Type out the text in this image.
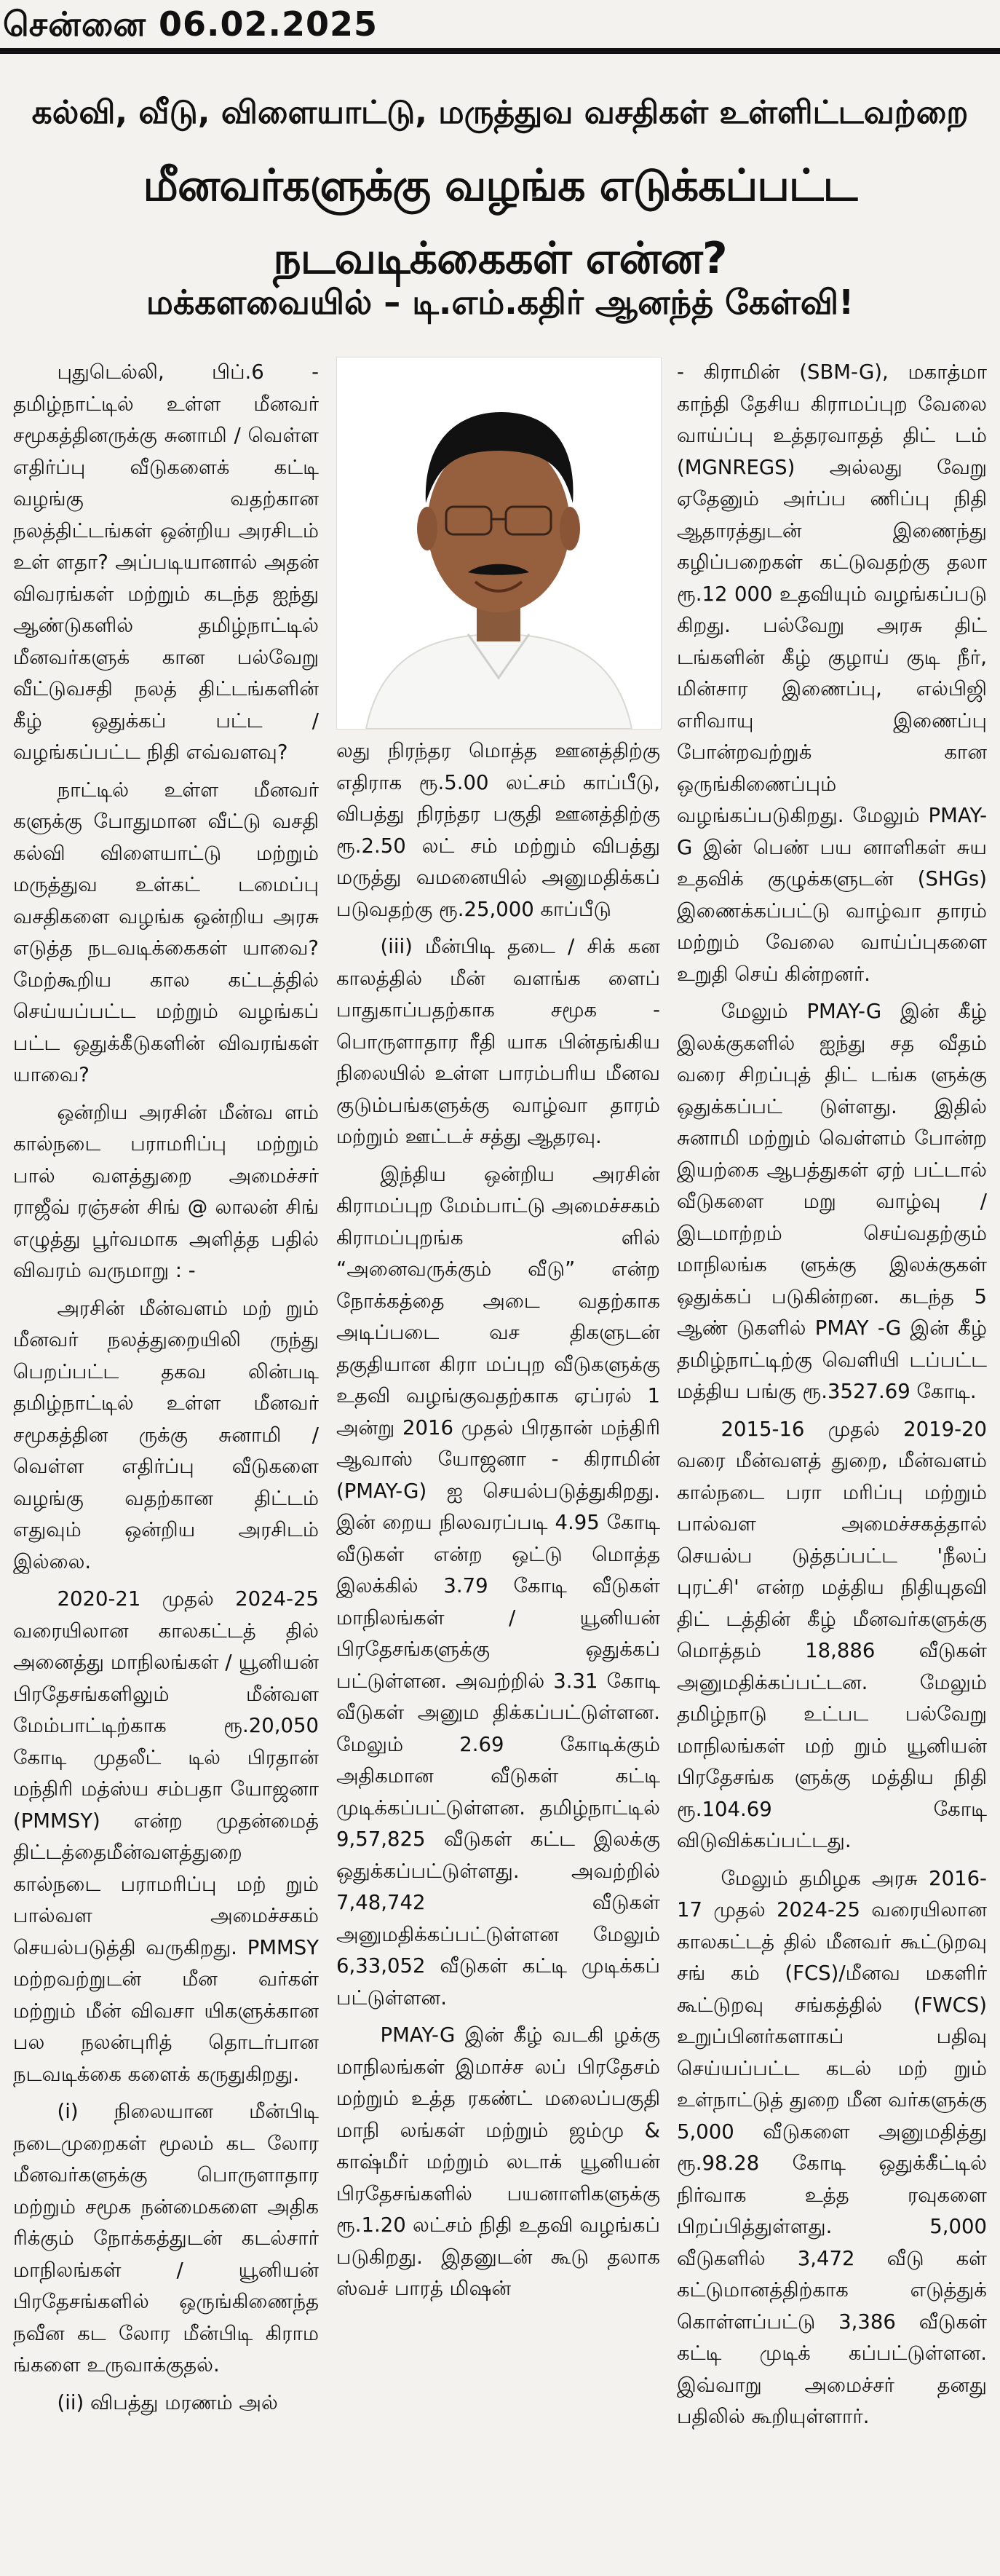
சென்னை 06.02.2025
கல்வி, வீடு, விளையாட்டு, மருத்துவ வசதிகள் உள்ளிட்டவற்றை
மீனவர்களுக்கு வழங்க எடுக்கப்பட்ட நடவடிக்கைகள் என்ன?
மக்களவையில் – டி.எம்.கதிர் ஆனந்த் கேள்வி!

புதுடெல்லி, பிப்.6 - தமிழ்நாட்டில் உள்ள மீனவர் சமூகத்தினருக்கு சுனாமி / வெள்ள எதிர்ப்பு வீடுகளைக் கட்டி வழங்கு வதற்கான நலத்திட்டங்கள் ஒன்றிய அரசிடம் உள் ளதா? அப்படியானால் அதன் விவரங்கள் மற்றும் கடந்த ஐந்து ஆண்டுகளில் தமிழ்நாட்டில் மீனவர்களுக் கான பல்வேறு வீட்டுவசதி நலத் திட்டங்களின் கீழ் ஒதுக்கப் பட்ட / வழங்கப்பட்ட நிதி எவ்வளவு?

நாட்டில் உள்ள மீனவர் களுக்கு போதுமான வீட்டு வசதி கல்வி விளையாட்டு மற்றும் மருத்துவ உள்கட் டமைப்பு வசதிகளை வழங்க ஒன்றிய அரசு எடுத்த நடவடிக்கைகள் யாவை? மேற்கூறிய கால கட்டத்தில் செய்யப்பட்ட மற்றும் வழங்கப் பட்ட ஒதுக்கீடுகளின் விவரங்கள் யாவை?

ஒன்றிய அரசின் மீன்வ ளம் கால்நடை பராமரிப்பு மற்றும் பால் வளத்துறை அமைச்சர் ராஜீவ் ரஞ்சன் சிங் @ லாலன் சிங் எழுத்து பூர்வமாக அளித்த பதில் விவரம் வருமாறு : -

அரசின் மீன்வளம் மற் றும் மீனவர் நலத்துறையிலி ருந்து பெறப்பட்ட தகவ லின்படி தமிழ்நாட்டில் உள்ள மீனவர் சமூகத்தின ருக்கு சுனாமி / வெள்ள எதிர்ப்பு வீடுகளை வழங்கு வதற்கான திட்டம் எதுவும் ஒன்றிய அரசிடம் இல்லை.

2020-21 முதல் 2024-25 வரையிலான காலகட்டத் தில் அனைத்து மாநிலங்கள் / யூனியன் பிரதேசங்களிலும் மீன்வள மேம்பாட்டிற்காக ரூ.20,050 கோடி முதலீட் டில் பிரதான் மந்திரி மத்ஸ்ய சம்பதா யோஜனா (PMMSY) என்ற முதன்மைத் திட்டத்தைமீன்வளத்துறை கால்நடை பராமரிப்பு மற் றும் பால்வள அமைச்சகம் செயல்படுத்தி வருகிறது. PMMSY மற்றவற்றுடன் மீன வர்கள் மற்றும் மீன் விவசா யிகளுக்கான பல நலன்புரித் தொடர்பான நடவடிக்கை களைக் கருதுகிறது.

(i) நிலையான மீன்பிடி நடைமுறைகள் மூலம் கட லோர மீனவர்களுக்கு பொருளாதார மற்றும் சமூக நன்மைகளை அதிக ரிக்கும் நோக்கத்துடன் கடல்சார் மாநிலங்கள் / யூனியன் பிரதேசங்களில் ஒருங்கிணைந்த நவீன கட லோர மீன்பிடி கிராம ங்களை உருவாக்குதல்.

(ii) விபத்து மரணம் அல்

லது நிரந்தர மொத்த ஊனத்திற்கு எதிராக ரூ.5.00 லட்சம் காப்பீடு, விபத்து நிரந்தர பகுதி ஊனத்திற்கு ரூ.2.50 லட் சம் மற்றும் விபத்து மருத்து வமனையில் அனுமதிக்கப் படுவதற்கு ரூ.25,000 காப்பீடு

(iii) மீன்பிடி தடை / சிக் கன காலத்தில் மீன் வளங்க ளைப் பாதுகாப்பதற்காக சமூக - பொருளாதார ரீதி யாக பின்தங்கிய நிலையில் உள்ள பாரம்பரிய மீனவ குடும்பங்களுக்கு வாழ்வா தாரம் மற்றும் ஊட்டச் சத்து ஆதரவு.

இந்திய ஒன்றிய அரசின் கிராமப்புற மேம்பாட்டு அமைச்சகம் கிராமப்புறங்க ளில் “அனைவருக்கும் வீடு” என்ற நோக்கத்தை அடை வதற்காக அடிப்படை வச திகளுடன் தகுதியான கிரா மப்புற வீடுகளுக்கு உதவி வழங்குவதற்காக ஏப்ரல் 1 அன்று 2016 முதல் பிரதான் மந்திரி ஆவாஸ் யோஜனா - கிராமின் (PMAY-G) ஐ செயல்படுத்துகிறது. இன் றைய நிலவரப்படி 4.95 கோடி வீடுகள் என்ற ஒட்டு மொத்த இலக்கில் 3.79 கோடி வீடுகள் மாநிலங்கள் / யூனியன் பிரதேசங்களுக்கு ஒதுக்கப் பட்டுள்ளன. அவற்றில் 3.31 கோடி வீடுகள் அனும திக்கப்பட்டுள்ளன. மேலும் 2.69 கோடிக்கும் அதிகமான வீடுகள் கட்டி முடிக்கப்பட்டுள்ளன. தமிழ்நாட்டில் 9,57,825 வீடுகள் கட்ட இலக்கு ஒதுக்கப்பட்டுள்ளது. அவற்றில் 7,48,742 வீடுகள் அனுமதிக்கப்பட்டுள்ளன மேலும் 6,33,052 வீடுகள் கட்டி முடிக்கப் பட்டுள்ளன.

PMAY-G இன் கீழ் வடகி ழக்கு மாநிலங்கள் இமாச்ச லப் பிரதேசம் மற்றும் உத்த ரகண்ட் மலைப்பகுதி மாநி லங்கள் மற்றும் ஜம்மு & காஷ்மீர் மற்றும் லடாக் யூனியன் பிரதேசங்களில் பயனாளிகளுக்கு ரூ.1.20 லட்சம் நிதி உதவி வழங்கப் படுகிறது. இதனுடன் கூடு தலாக ஸ்வச் பாரத் மிஷன்

- கிராமின் (SBM-G), மகாத்மா காந்தி தேசிய கிராமப்புற வேலை வாய்ப்பு உத்தரவாதத் திட் டம் (MGNREGS) அல்லது வேறு ஏதேனும் அர்ப்ப ணிப்பு நிதி ஆதாரத்துடன் இணைந்து கழிப்பறைகள் கட்டுவதற்கு தலா ரூ.12 000 உதவியும் வழங்கப்படு கிறது. பல்வேறு அரசு திட் டங்களின் கீழ் குழாய் குடி நீர், மின்சார இணைப்பு, எல்பிஜி எரிவாயு இணைப்பு போன்றவற்றுக் கான ஒருங்கிணைப்பும் வழங்கப்படுகிறது. மேலும் PMAY-G இன் பெண் பய னாளிகள் சுய உதவிக் குழுக்களுடன் (SHGs) இணைக்கப்பட்டு வாழ்வா தாரம் மற்றும் வேலை வாய்ப்புகளை உறுதி செய் கின்றனர்.

மேலும் PMAY-G இன் கீழ் இலக்குகளில் ஐந்து சத வீதம் வரை சிறப்புத் திட் டங்க ளுக்கு ஒதுக்கப்பட் டுள்ளது. இதில் சுனாமி மற்றும் வெள்ளம் போன்ற இயற்கை ஆபத்துகள் ஏற் பட்டால் வீடுகளை மறு வாழ்வு / இடமாற்றம் செய்வதற்கும் மாநிலங்க ளுக்கு இலக்குகள் ஒதுக்கப் படுகின்றன. கடந்த 5 ஆண் டுகளில் PMAY -G இன் கீழ் தமிழ்நாட்டிற்கு வெளியி டப்பட்ட மத்திய பங்கு ரூ.3527.69 கோடி.

2015-16 முதல் 2019-20 வரை மீன்வளத் துறை, மீன்வளம் கால்நடை பரா மரிப்பு மற்றும் பால்வள அமைச்சகத்தால் செயல்ப டுத்தப்பட்ட 'நீலப் புரட்சி' என்ற மத்திய நிதியுதவி திட் டத்தின் கீழ் மீனவர்களுக்கு மொத்தம் 18,886 வீடுகள் அனுமதிக்கப்பட்டன. மேலும் தமிழ்நாடு உட்பட பல்வேறு மாநிலங்கள் மற் றும் யூனியன் பிரதேசங்க ளுக்கு மத்திய நிதி ரூ.104.69 கோடி விடுவிக்கப்பட்டது.

மேலும் தமிழக அரசு 2016-17 முதல் 2024-25 வரையிலான காலகட்டத் தில் மீனவர் கூட்டுறவு சங் கம் (FCS)/மீனவ மகளிர் கூட்டுறவு சங்கத்தில் (FWCS) உறுப்பினர்களாகப் பதிவு செய்யப்பட்ட கடல் மற் றும் உள்நாட்டுத் துறை மீன வர்களுக்கு 5,000 வீடுகளை அனுமதித்து ரூ.98.28 கோடி ஒதுக்கீட்டில் நிர்வாக உத்த ரவுகளை பிறப்பித்துள்ளது. 5,000 வீடுகளில் 3,472 வீடு கள் கட்டுமானத்திற்காக எடுத்துக் கொள்ளப்பட்டு 3,386 வீடுகள் கட்டி முடிக் கப்பட்டுள்ளன. இவ்வாறு அமைச்சர் தனது பதிலில் கூறியுள்ளார்.
